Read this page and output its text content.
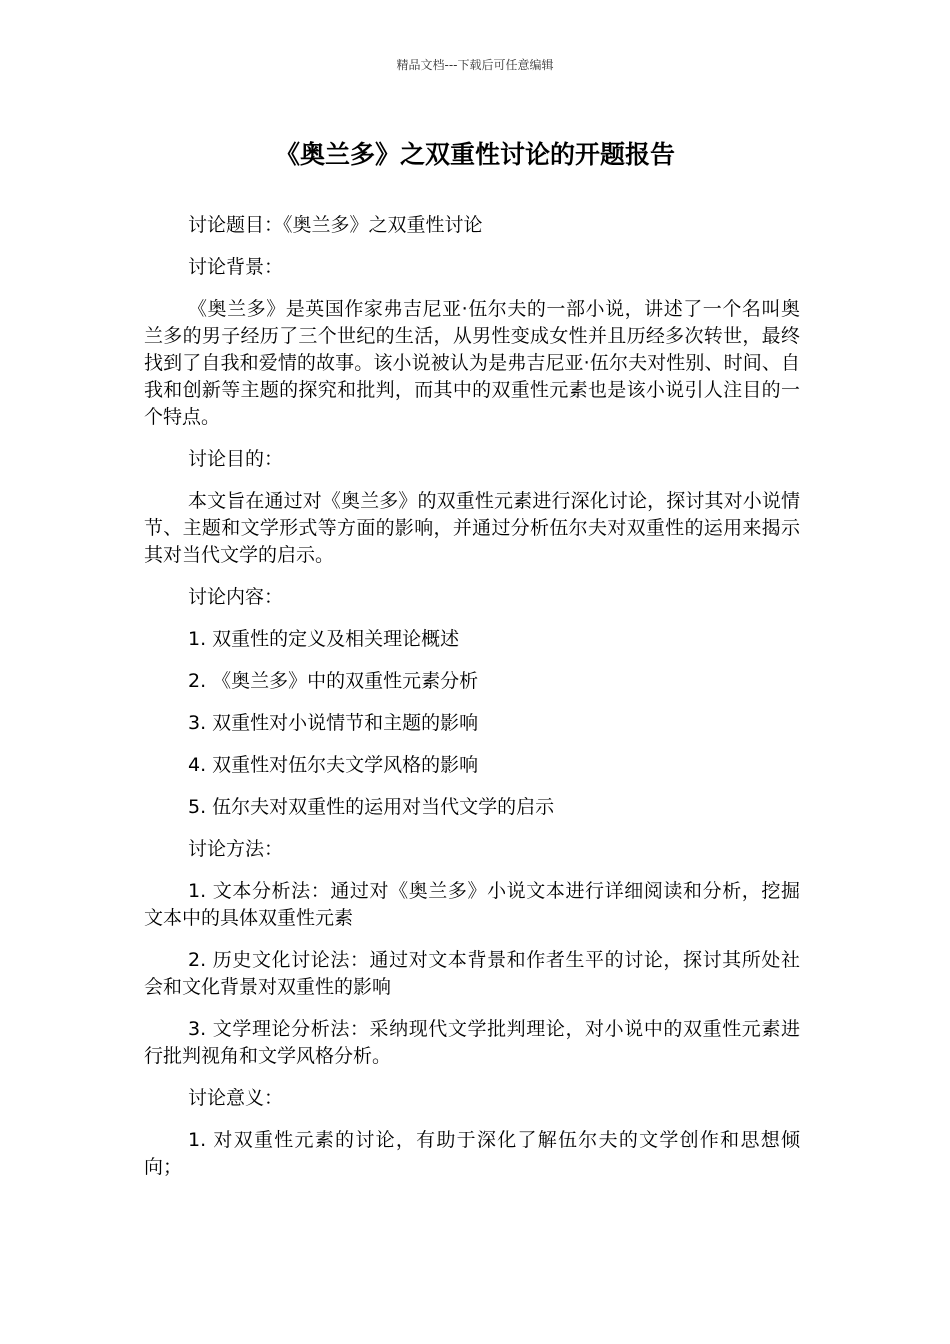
精品文档---下载后可任意编辑
《奥兰多》之双重性讨论的开题报告

讨论题目：《奥兰多》之双重性讨论

讨论背景：

《奥兰多》是英国作家弗吉尼亚·伍尔夫的一部小说，讲述了一个名叫奥兰多的男子经历了三个世纪的生活，从男性变成女性并且历经多次转世，最终找到了自我和爱情的故事。该小说被认为是弗吉尼亚·伍尔夫对性别、时间、自我和创新等主题的探究和批判，而其中的双重性元素也是该小说引人注目的一个特点。

讨论目的：

本文旨在通过对《奥兰多》的双重性元素进行深化讨论，探讨其对小说情节、主题和文学形式等方面的影响，并通过分析伍尔夫对双重性的运用来揭示其对当代文学的启示。

讨论内容：

1. 双重性的定义及相关理论概述

2. 《奥兰多》中的双重性元素分析

3. 双重性对小说情节和主题的影响

4. 双重性对伍尔夫文学风格的影响

5. 伍尔夫对双重性的运用对当代文学的启示

讨论方法：

1. 文本分析法：通过对《奥兰多》小说文本进行详细阅读和分析，挖掘文本中的具体双重性元素

2. 历史文化讨论法：通过对文本背景和作者生平的讨论，探讨其所处社会和文化背景对双重性的影响

3. 文学理论分析法：采纳现代文学批判理论，对小说中的双重性元素进行批判视角和文学风格分析。

讨论意义：

1. 对双重性元素的讨论，有助于深化了解伍尔夫的文学创作和思想倾向；
